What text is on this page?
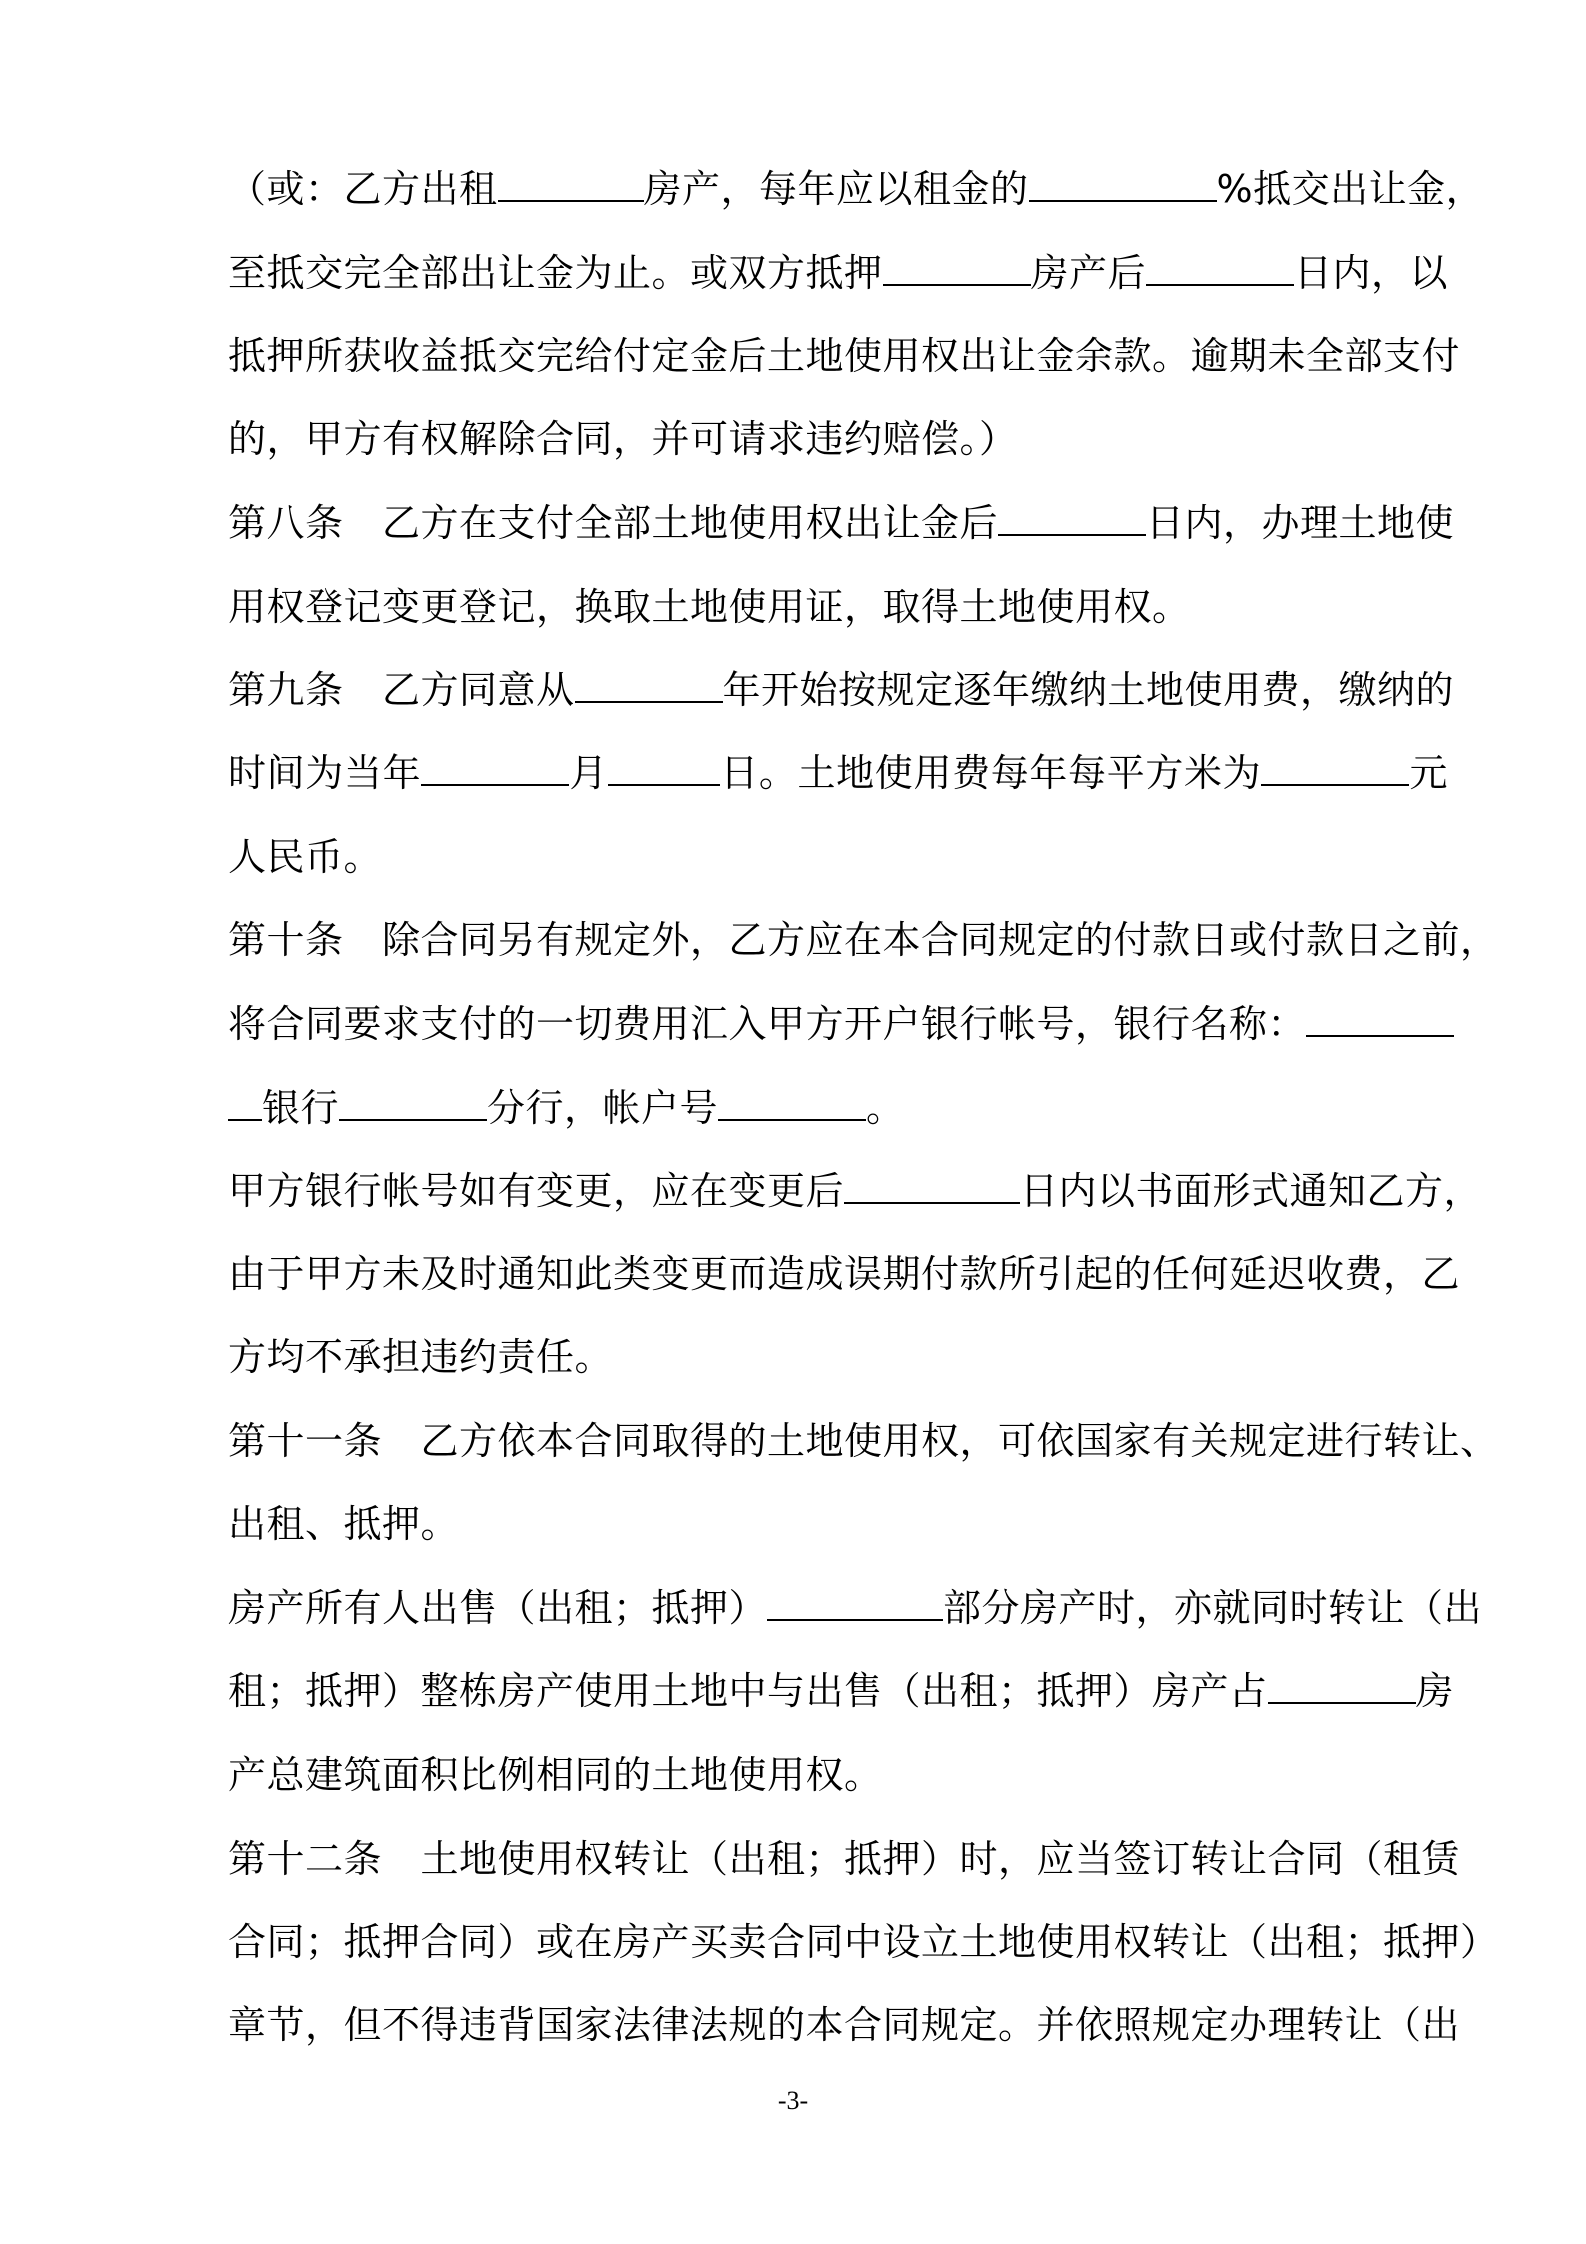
（或：乙方出租	房产，每年应以租金的	%抵交出让金，
至抵交完全部出让金为止。或双方抵押	房产后	日内，以
抵押所获收益抵交完给付定金后土地使用权出让金余款。逾期未全部支付
的，甲方有权解除合同，并可请求违约赔偿。）
第八条　乙方在支付全部土地使用权出让金后	日内，办理土地使
用权登记变更登记，换取土地使用证，取得土地使用权。
第九条　乙方同意从	年开始按规定逐年缴纳土地使用费，缴纳的
时间为当年	月	日。土地使用费每年每平方米为	元
人民币。
第十条　除合同另有规定外，乙方应在本合同规定的付款日或付款日之前，
将合同要求支付的一切费用汇入甲方开户银行帐号，银行名称：
银行	分行，帐户号	。
甲方银行帐号如有变更，应在变更后	日内以书面形式通知乙方，
由于甲方未及时通知此类变更而造成误期付款所引起的任何延迟收费，乙
方均不承担违约责任。
第十一条　乙方依本合同取得的土地使用权，可依国家有关规定进行转让、
出租、抵押。
房产所有人出售（出租；抵押）	部分房产时，亦就同时转让（出
租；抵押）整栋房产使用土地中与出售（出租；抵押）房产占	房
产总建筑面积比例相同的土地使用权。
第十二条　土地使用权转让（出租；抵押）时，应当签订转让合同（租赁
合同；抵押合同）或在房产买卖合同中设立土地使用权转让（出租；抵押）
章节，但不得违背国家法律法规的本合同规定。并依照规定办理转让（出
-3-
